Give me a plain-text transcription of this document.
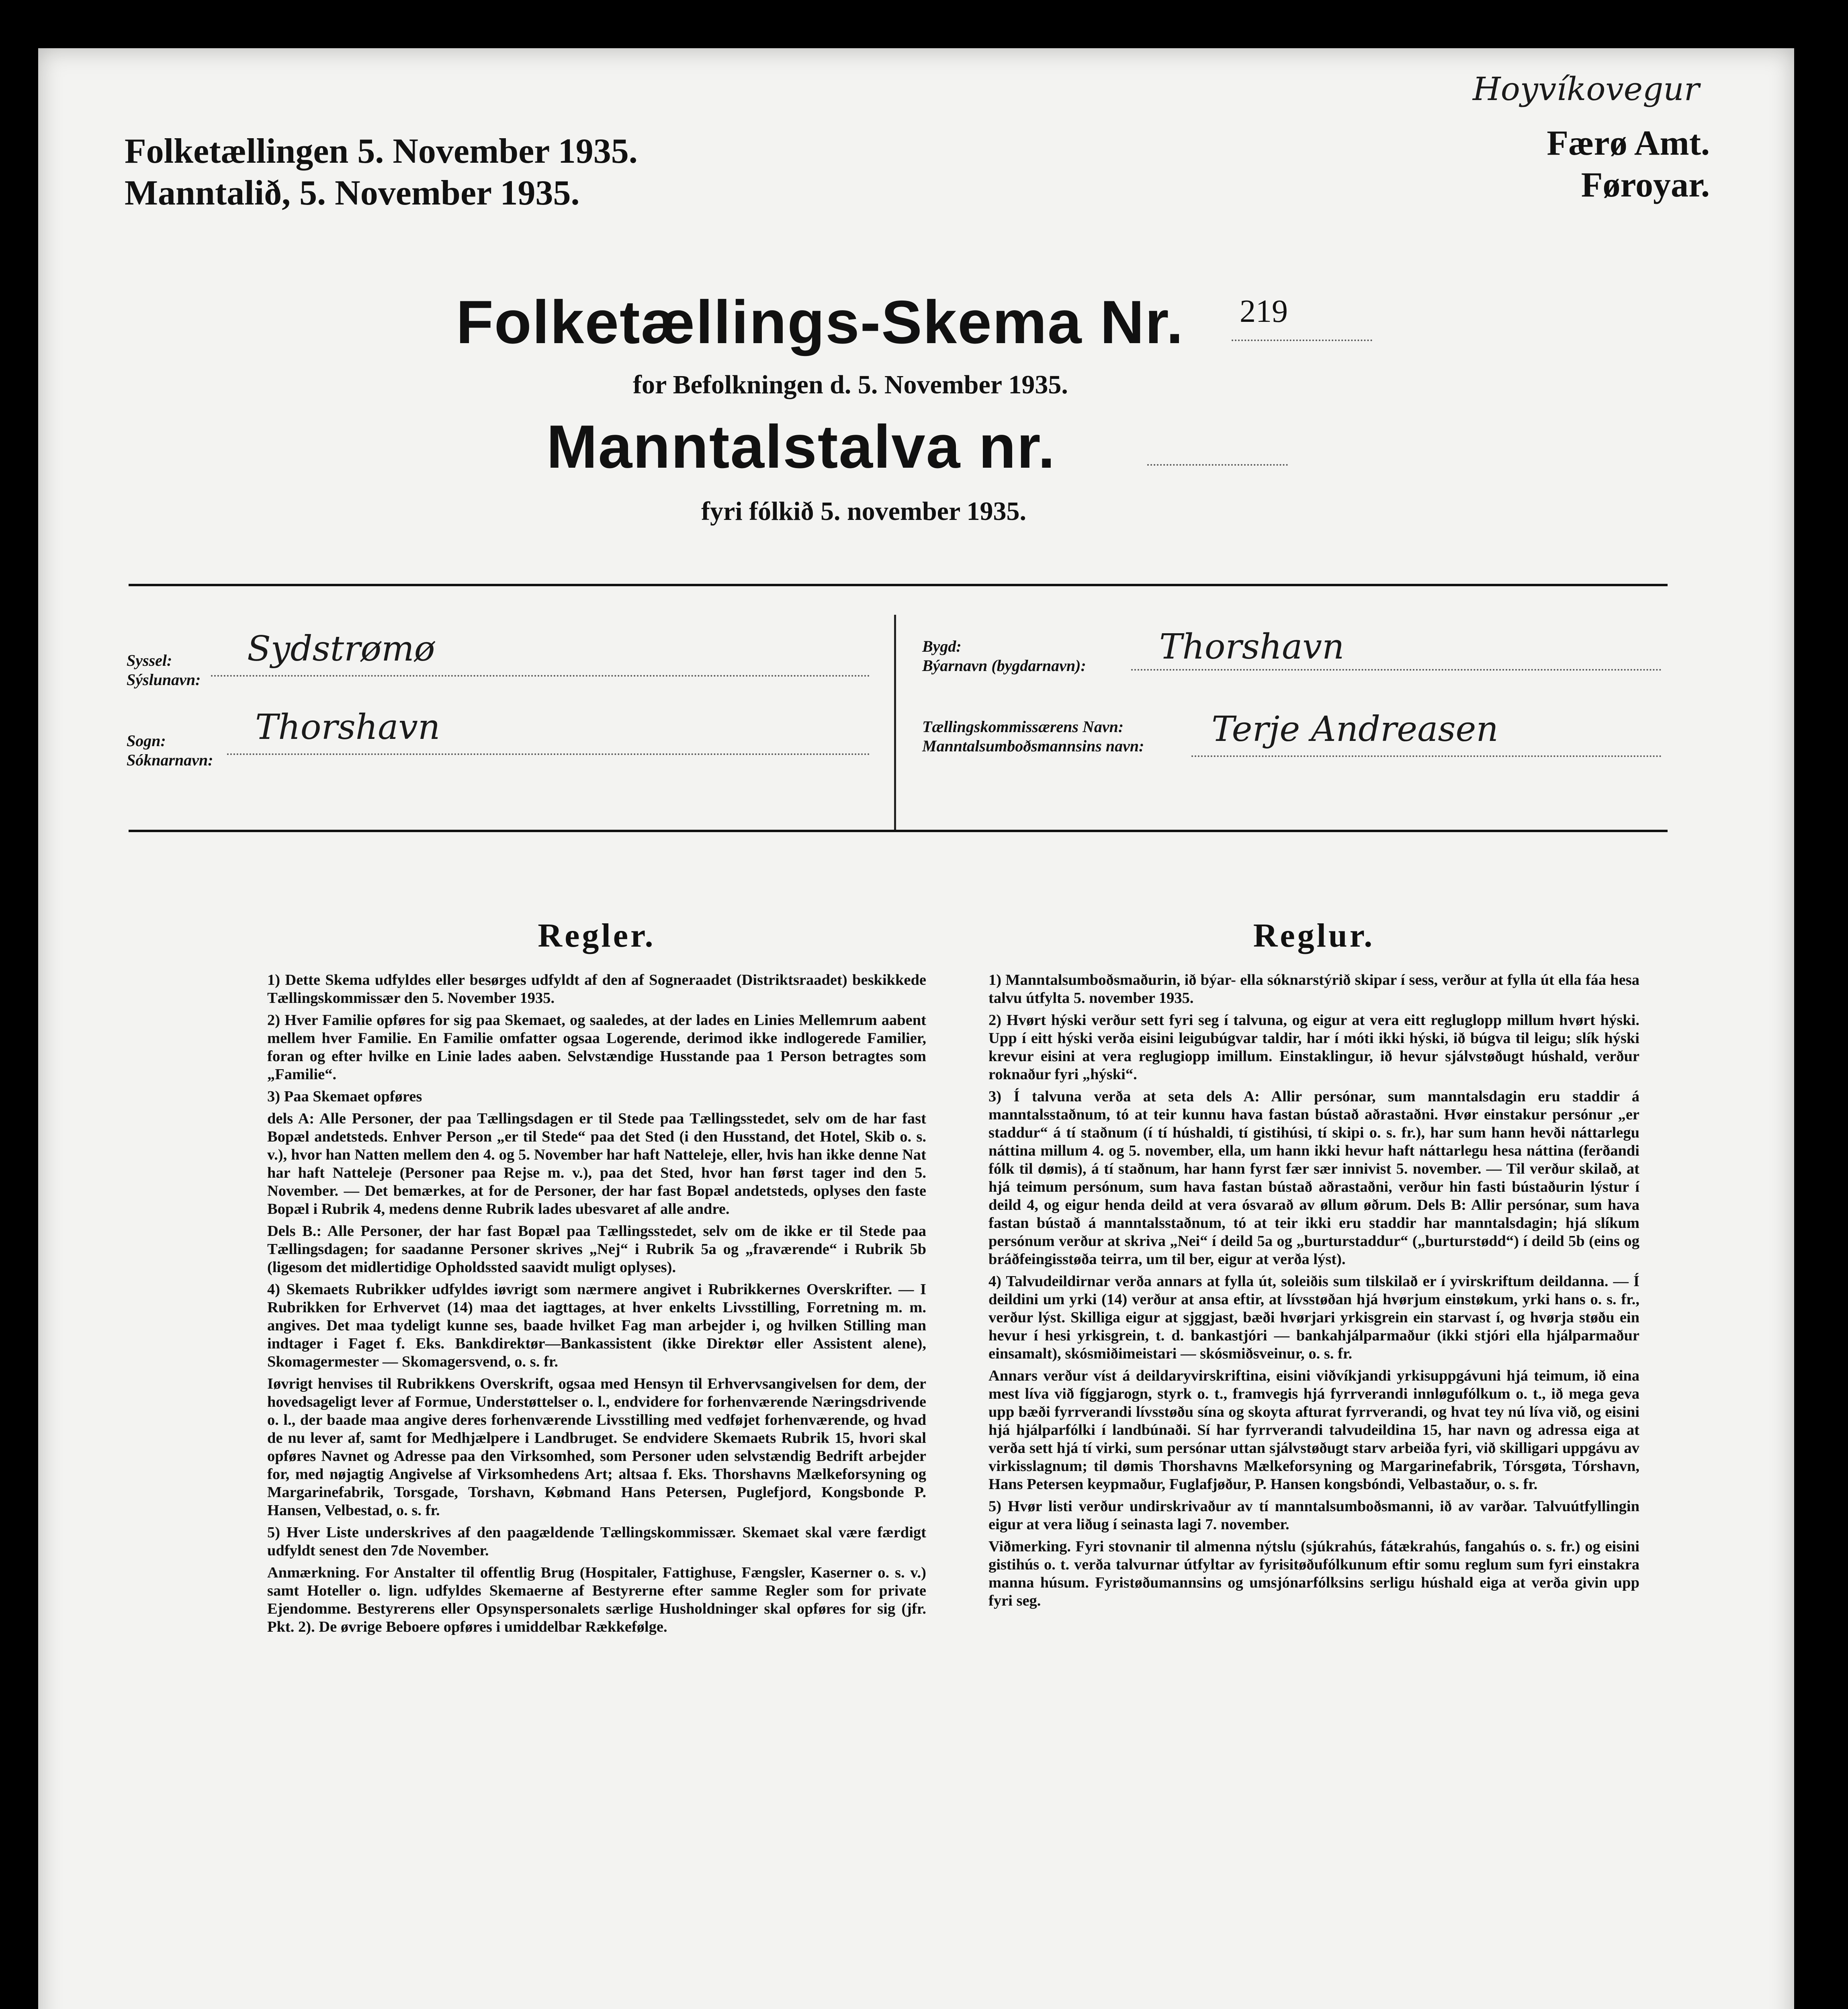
Folketællingen 5. November 1935.
Manntalið, 5. November 1935.
Hoyvíkovegur
Færø Amt.
Føroyar.
Folketællings-Skema Nr. 219
for Befolkningen d. 5. November 1935.
Manntalstalva nr.
fyri fólkið 5. november 1935.
Syssel:
Sýslunavn:
Sydstrømø
Sogn:
Sóknarnavn:
Thorshavn
Bygd:
Býarnavn (bygdarnavn): Thorshavn
Tællingskommissærens Navn:
Manntalsumboðsmannsins navn: Terje Andreasen
Regler.

1) Dette Skema udfyldes eller besørges udfyldt af den af Sogneraadet (Distriktsraadet) beskikkede Tællingskommissær den 5. November 1935.

2) Hver Familie opføres for sig paa Skemaet, og saaledes, at der lades en Linies Mellemrum aabent mellem hver Familie. En Familie omfatter ogsaa Logerende, derimod ikke indlogerede Familier, foran og efter hvilke en Linie lades aaben. Selvstændige Husstande paa 1 Person betragtes som „Familie“.

3) Paa Skemaet opføres

dels A: Alle Personer, der paa Tællingsdagen er til Stede paa Tællingsstedet, selv om de har fast Bopæl andetsteds. Enhver Person „er til Stede“ paa det Sted (i den Husstand, det Hotel, Skib o. s. v.), hvor han Natten mellem den 4. og 5. November har haft Natteleje, eller, hvis han ikke denne Nat har haft Natteleje (Personer paa Rejse m. v.), paa det Sted, hvor han først tager ind den 5. November. — Det bemærkes, at for de Personer, der har fast Bopæl andetsteds, oplyses den faste Bopæl i Rubrik 4, medens denne Rubrik lades ubesvaret af alle andre.

Dels B.: Alle Personer, der har fast Bopæl paa Tællingsstedet, selv om de ikke er til Stede paa Tællingsdagen; for saadanne Personer skrives „Nej“ i Rubrik 5a og „fraværende“ i Rubrik 5b (ligesom det midlertidige Opholdssted saavidt muligt oplyses).

4) Skemaets Rubrikker udfyldes iøvrigt som nærmere angivet i Rubrikkernes Overskrifter. — I Rubrikken for Erhvervet (14) maa det iagttages, at hver enkelts Livsstilling, Forretning m. m. angives. Det maa tydeligt kunne ses, baade hvilket Fag man arbejder i, og hvilken Stilling man indtager i Faget f. Eks. Bankdirektør—Bankassistent (ikke Direktør eller Assistent alene), Skomagermester — Skomagersvend, o. s. fr.

Iøvrigt henvises til Rubrikkens Overskrift, ogsaa med Hensyn til Erhvervsangivelsen for dem, der hovedsageligt lever af Formue, Understøttelser o. l., endvidere for forhenværende Næringsdrivende o. l., der baade maa angive deres forhenværende Livsstilling med vedføjet forhenværende, og hvad de nu lever af, samt for Medhjælpere i Landbruget. Se endvidere Skemaets Rubrik 15, hvori skal opføres Navnet og Adresse paa den Virksomhed, som Personer uden selvstændig Bedrift arbejder for, med nøjagtig Angivelse af Virksomhedens Art; altsaa f. Eks. Thorshavns Mælkeforsyning og Margarinefabrik, Torsgade, Torshavn, Købmand Hans Petersen, Puglefjord, Kongsbonde P. Hansen, Velbestad, o. s. fr.

5) Hver Liste underskrives af den paagældende Tællingskommissær. Skemaet skal være færdigt udfyldt senest den 7de November.

Anmærkning. For Anstalter til offentlig Brug (Hospitaler, Fattighuse, Fængsler, Kaserner o. s. v.) samt Hoteller o. lign. udfyldes Skemaerne af Bestyrerne efter samme Regler som for private Ejendomme. Bestyrerens eller Opsynspersonalets særlige Husholdninger skal opføres for sig (jfr. Pkt. 2). De øvrige Beboere opføres i umiddelbar Rækkefølge.

Reglur.

1) Manntalsumboðsmaðurin, ið býar- ella sóknarstýrið skipar í sess, verður at fylla út ella fáa hesa talvu útfylta 5. november 1935.

2) Hvørt hýski verður sett fyri seg í talvuna, og eigur at vera eitt regluglopp millum hvørt hýski. Upp í eitt hýski verða eisini leigubúgvar taldir, har í móti ikki hýski, ið búgva til leigu; slík hýski krevur eisini at vera reglugiopp imillum. Einstaklingur, ið hevur sjálvstøðugt húshald, verður roknaður fyri „hýski“.

3) Í talvuna verða at seta dels A: Allir persónar, sum manntalsdagin eru staddir á manntalsstaðnum, tó at teir kunnu hava fastan bústað aðrastaðni. Hvør einstakur persónur „er staddur“ á tí staðnum (í tí húshaldi, tí gistihúsi, tí skipi o. s. fr.), har sum hann hevði náttarlegu náttina millum 4. og 5. november, ella, um hann ikki hevur haft náttarlegu hesa náttina (ferðandi fólk til dømis), á tí staðnum, har hann fyrst fær sær innivist 5. november. — Til verður skilað, at hjá teimum persónum, sum hava fastan bústað aðrastaðni, verður hin fasti bústaðurin lýstur í deild 4, og eigur henda deild at vera ósvarað av øllum øðrum. Dels B: Allir persónar, sum hava fastan bústað á manntalsstaðnum, tó at teir ikki eru staddir har manntalsdagin; hjá slíkum persónum verður at skriva „Nei“ í deild 5a og „burturstaddur“ („burturstødd“) í deild 5b (eins og bráðfeingisstøða teirra, um til ber, eigur at verða lýst).

4) Talvudeildirnar verða annars at fylla út, soleiðis sum tilskilað er í yvirskriftum deildanna. — Í deildini um yrki (14) verður at ansa eftir, at lívsstøðan hjá hvørjum einstøkum, yrki hans o. s. fr., verður lýst. Skilliga eigur at sjggjast, bæði hvørjari yrkisgrein ein starvast í, og hvørja støðu ein hevur í hesi yrkisgrein, t. d. bankastjóri — bankahjálparmaður (ikki stjóri ella hjálparmaður einsamalt), skósmiðimeistari — skósmiðsveinur, o. s. fr.

Annars verður víst á deildaryvirskriftina, eisini viðvíkjandi yrkisuppgávuni hjá teimum, ið eina mest líva við fíggjarogn, styrk o. t., framvegis hjá fyrrverandi innløgufólkum o. t., ið mega geva upp bæði fyrrverandi lívsstøðu sína og skoyta afturat fyrrverandi, og hvat tey nú líva við, og eisini hjá hjálparfólki í landbúnaði. Sí har fyrrverandi talvudeildina 15, har navn og adressa eiga at verða sett hjá tí virki, sum persónar uttan sjálvstøðugt starv arbeiða fyri, við skilligari uppgávu av virkisslagnum; til dømis Thorshavns Mælkeforsyning og Margarinefabrik, Tórsgøta, Tórshavn, Hans Petersen keypmaður, Fuglafjøður, P. Hansen kongsbóndi, Velbastaður, o. s. fr.

5) Hvør listi verður undirskrivaður av tí manntalsumboðsmanni, ið av varðar. Talvuútfyllingin eigur at vera liðug í seinasta lagi 7. november.

Viðmerking. Fyri stovnanir til almenna nýtslu (sjúkrahús, fátækrahús, fangahús o. s. fr.) og eisini gistihús o. t. verða talvurnar útfyltar av fyrisitøðufólkunum eftir somu reglum sum fyri einstakra manna húsum. Fyristøðumannsins og umsjónarfólksins serligu húshald eiga at verða givin upp fyri seg.
